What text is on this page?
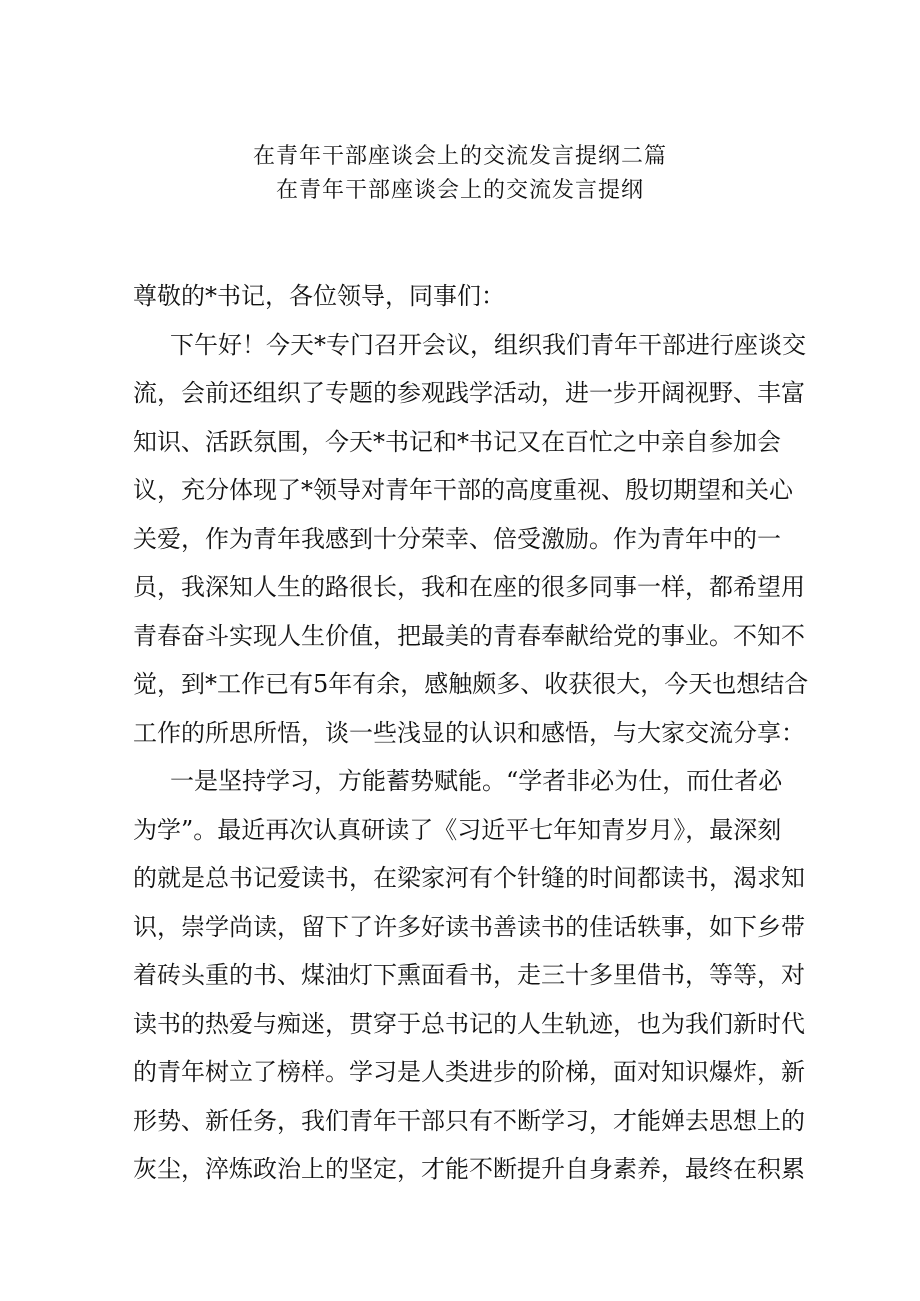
在青年干部座谈会上的交流发言提纲二篇
在青年干部座谈会上的交流发言提纲
尊敬的*书记，各位领导，同事们：
下午好！今天*专门召开会议，组织我们青年干部进行座谈交
流，会前还组织了专题的参观践学活动，进一步开阔视野、丰富
知识、活跃氛围，今天*书记和*书记又在百忙之中亲自参加会
议，充分体现了*领导对青年干部的高度重视、殷切期望和关心
关爱，作为青年我感到十分荣幸、倍受激励。作为青年中的一
员，我深知人生的路很长，我和在座的很多同事一样，都希望用
青春奋斗实现人生价值，把最美的青春奉献给党的事业。不知不
觉，到*工作已有5年有余，感触颇多、收获很大，今天也想结合
工作的所思所悟，谈一些浅显的认识和感悟，与大家交流分享：
一是坚持学习，方能蓄势赋能。“学者非必为仕，而仕者必
为学”。最近再次认真研读了《习近平七年知青岁月》，最深刻
的就是总书记爱读书，在梁家河有个针缝的时间都读书，渴求知
识，崇学尚读，留下了许多好读书善读书的佳话轶事，如下乡带
着砖头重的书、煤油灯下熏面看书，走三十多里借书，等等，对
读书的热爱与痴迷，贯穿于总书记的人生轨迹，也为我们新时代
的青年树立了榜样。学习是人类进步的阶梯，面对知识爆炸，新
形势、新任务，我们青年干部只有不断学习，才能婵去思想上的
灰尘，淬炼政治上的坚定，才能不断提升自身素养，最终在积累
